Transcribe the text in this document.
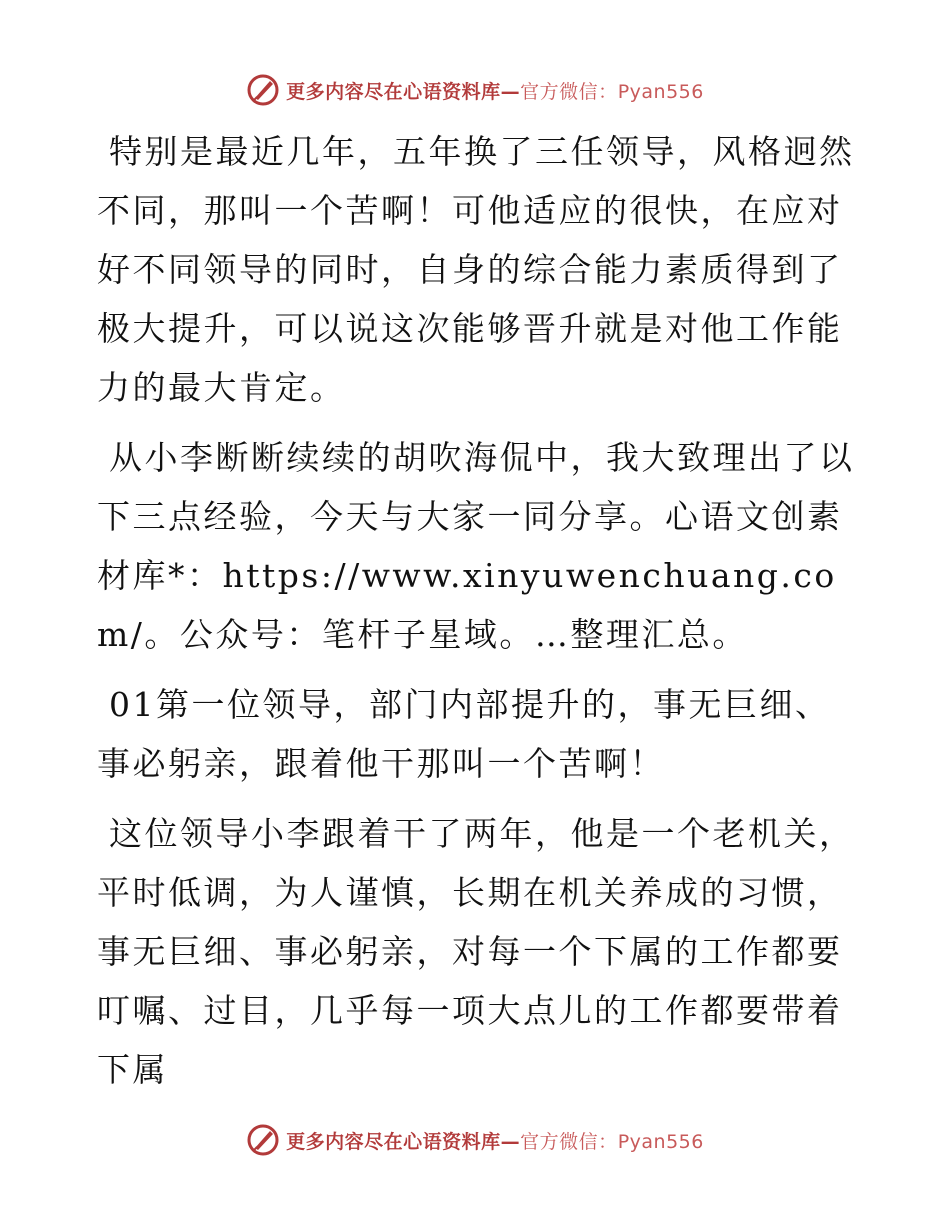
更多内容尽在心语资料库—官方微信：Pyan556

特别是最近几年，五年换了三任领导，风格迥然不同，那叫一个苦啊！可他适应的很快，在应对好不同领导的同时，自身的综合能力素质得到了极大提升，可以说这次能够晋升就是对他工作能力的最大肯定。

从小李断断续续的胡吹海侃中，我大致理出了以下三点经验，今天与大家一同分享。心语文创素材库*：https://www.xinyuwenchuang.com/。公众号：笔杆子星域。…整理汇总。

01第一位领导，部门内部提升的，事无巨细、事必躬亲，跟着他干那叫一个苦啊！

这位领导小李跟着干了两年，他是一个老机关，平时低调，为人谨慎，长期在机关养成的习惯，事无巨细、事必躬亲，对每一个下属的工作都要叮嘱、过目，几乎每一项大点儿的工作都要带着下属

更多内容尽在心语资料库—官方微信：Pyan556
